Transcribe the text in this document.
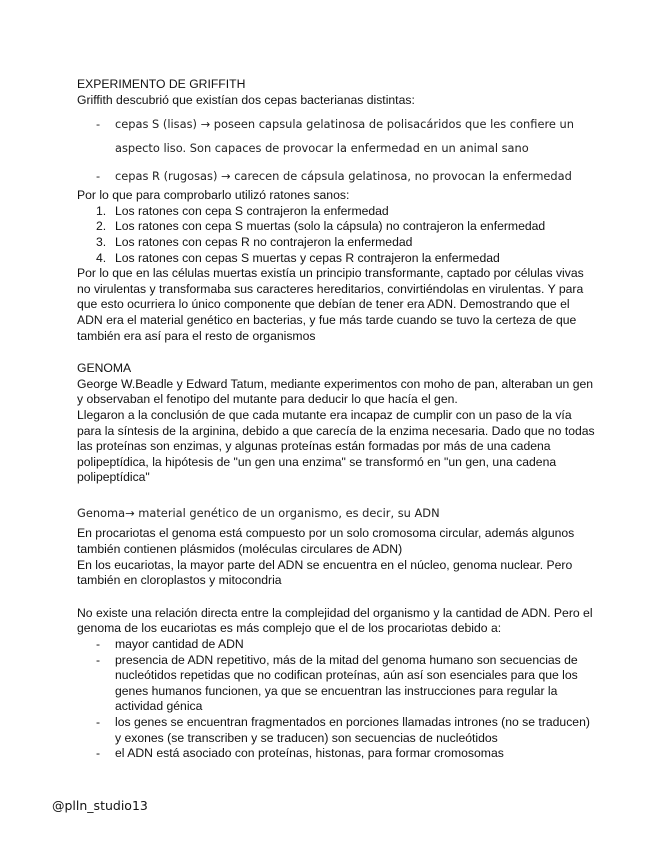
EXPERIMENTO DE GRIFFITH

Griffith descubrió que existían dos cepas bacterianas distintas:

- cepas S (lisas) → poseen capsula gelatinosa de polisacáridos que les confiere un aspecto liso. Son capaces de provocar la enfermedad en un animal sano
- cepas R (rugosas) → carecen de cápsula gelatinosa, no provocan la enfermedad

Por lo que para comprobarlo utilizó ratones sanos:

1. Los ratones con cepa S contrajeron la enfermedad
2. Los ratones con cepa S muertas (solo la cápsula) no contrajeron la enfermedad
3. Los ratones con cepas R no contrajeron la enfermedad
4. Los ratones con cepas S muertas y cepas R contrajeron la enfermedad

Por lo que en las células muertas existía un principio transformante, captado por células vivas no virulentas y transformaba sus caracteres hereditarios, convirtiéndolas en virulentas. Y para que esto ocurriera lo único componente que debían de tener era ADN. Demostrando que el ADN era el material genético en bacterias, y fue más tarde cuando se tuvo la certeza de que también era así para el resto de organismos

GENOMA

George W.Beadle y Edward Tatum, mediante experimentos con moho de pan, alteraban un gen y observaban el fenotipo del mutante para deducir lo que hacía el gen.

Llegaron a la conclusión de que cada mutante era incapaz de cumplir con un paso de la vía para la síntesis de la arginina, debido a que carecía de la enzima necesaria. Dado que no todas las proteínas son enzimas, y algunas proteínas están formadas por más de una cadena polipeptídica, la hipótesis de "un gen una enzima" se transformó en "un gen, una cadena polipeptídica"

Genoma→ material genético de un organismo, es decir, su ADN

En procariotas el genoma está compuesto por un solo cromosoma circular, además algunos también contienen plásmidos (moléculas circulares de ADN)

En los eucariotas, la mayor parte del ADN se encuentra en el núcleo, genoma nuclear. Pero también en cloroplastos y mitocondria

No existe una relación directa entre la complejidad del organismo y la cantidad de ADN. Pero el genoma de los eucariotas es más complejo que el de los procariotas debido a:

- mayor cantidad de ADN
- presencia de ADN repetitivo, más de la mitad del genoma humano son secuencias de nucleótidos repetidas que no codifican proteínas, aún así son esenciales para que los genes humanos funcionen, ya que se encuentran las instrucciones para regular la actividad génica
- los genes se encuentran fragmentados en porciones llamadas intrones (no se traducen) y exones (se transcriben y se traducen) son secuencias de nucleótidos
- el ADN está asociado con proteínas, histonas, para formar cromosomas
@plln_studio13
